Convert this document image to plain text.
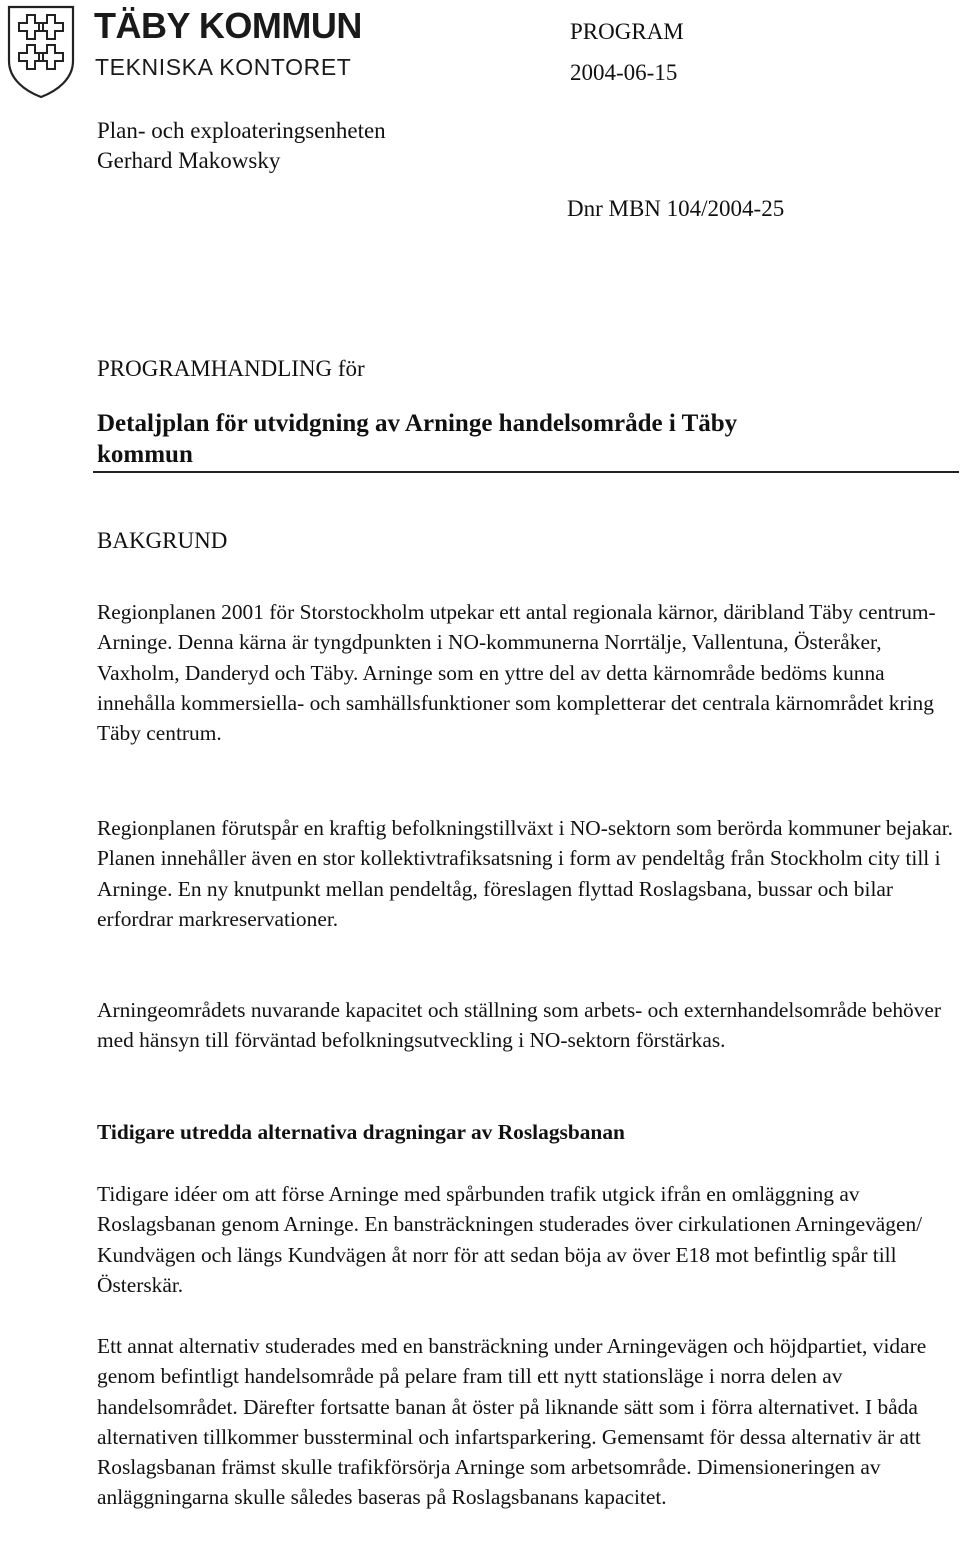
TÄBY KOMMUN
TEKNISKA KONTORET
PROGRAM
2004-06-15
Plan- och exploateringsenheten
Gerhard Makowsky
Dnr MBN 104/2004-25
PROGRAMHANDLING för
Detaljplan för utvidgning av Arninge handelsområde i Täby
kommun
BAKGRUND

Regionplanen 2001 för Storstockholm utpekar ett antal regionala kärnor, däribland Täby centrum- Arninge. Denna kärna är tyngdpunkten i NO-kommunerna Norrtälje, Vallentuna, Österåker, Vaxholm, Danderyd och Täby. Arninge som en yttre del av detta kärnområde bedöms kunna innehålla kommersiella- och samhällsfunktioner som kompletterar det centrala kärnområdet kring Täby centrum.

Regionplanen förutspår en kraftig befolkningstillväxt i NO-sektorn som berörda kommuner bejakar. Planen innehåller även en stor kollektivtrafiksatsning i form av pendeltåg från Stockholm city till i Arninge. En ny knutpunkt mellan pendeltåg, föreslagen flyttad Roslagsbana, bussar och bilar erfordrar markreservationer.

Arningeområdets nuvarande kapacitet och ställning som arbets- och externhandelsområde behöver med hänsyn till förväntad befolkningsutveckling i NO-sektorn förstärkas.

Tidigare utredda alternativa dragningar av Roslagsbanan

Tidigare idéer om att förse Arninge med spårbunden trafik utgick ifrån en omläggning av Roslagsbanan genom Arninge. En bansträckningen studerades över cirkulationen Arningevägen/ Kundvägen och längs Kundvägen åt norr för att sedan böja av över E18 mot befintlig spår till Österskär.

Ett annat alternativ studerades med en bansträckning under Arningevägen och höjdpartiet, vidare genom befintligt handelsområde på pelare fram till ett nytt stationsläge i norra delen av handelsområdet. Därefter fortsatte banan åt öster på liknande sätt som i förra alternativet. I båda alternativen tillkommer bussterminal och infartsparkering. Gemensamt för dessa alternativ är att Roslagsbanan främst skulle trafikförsörja Arninge som arbetsområde. Dimensioneringen av anläggningarna skulle således baseras på Roslagsbanans kapacitet.
